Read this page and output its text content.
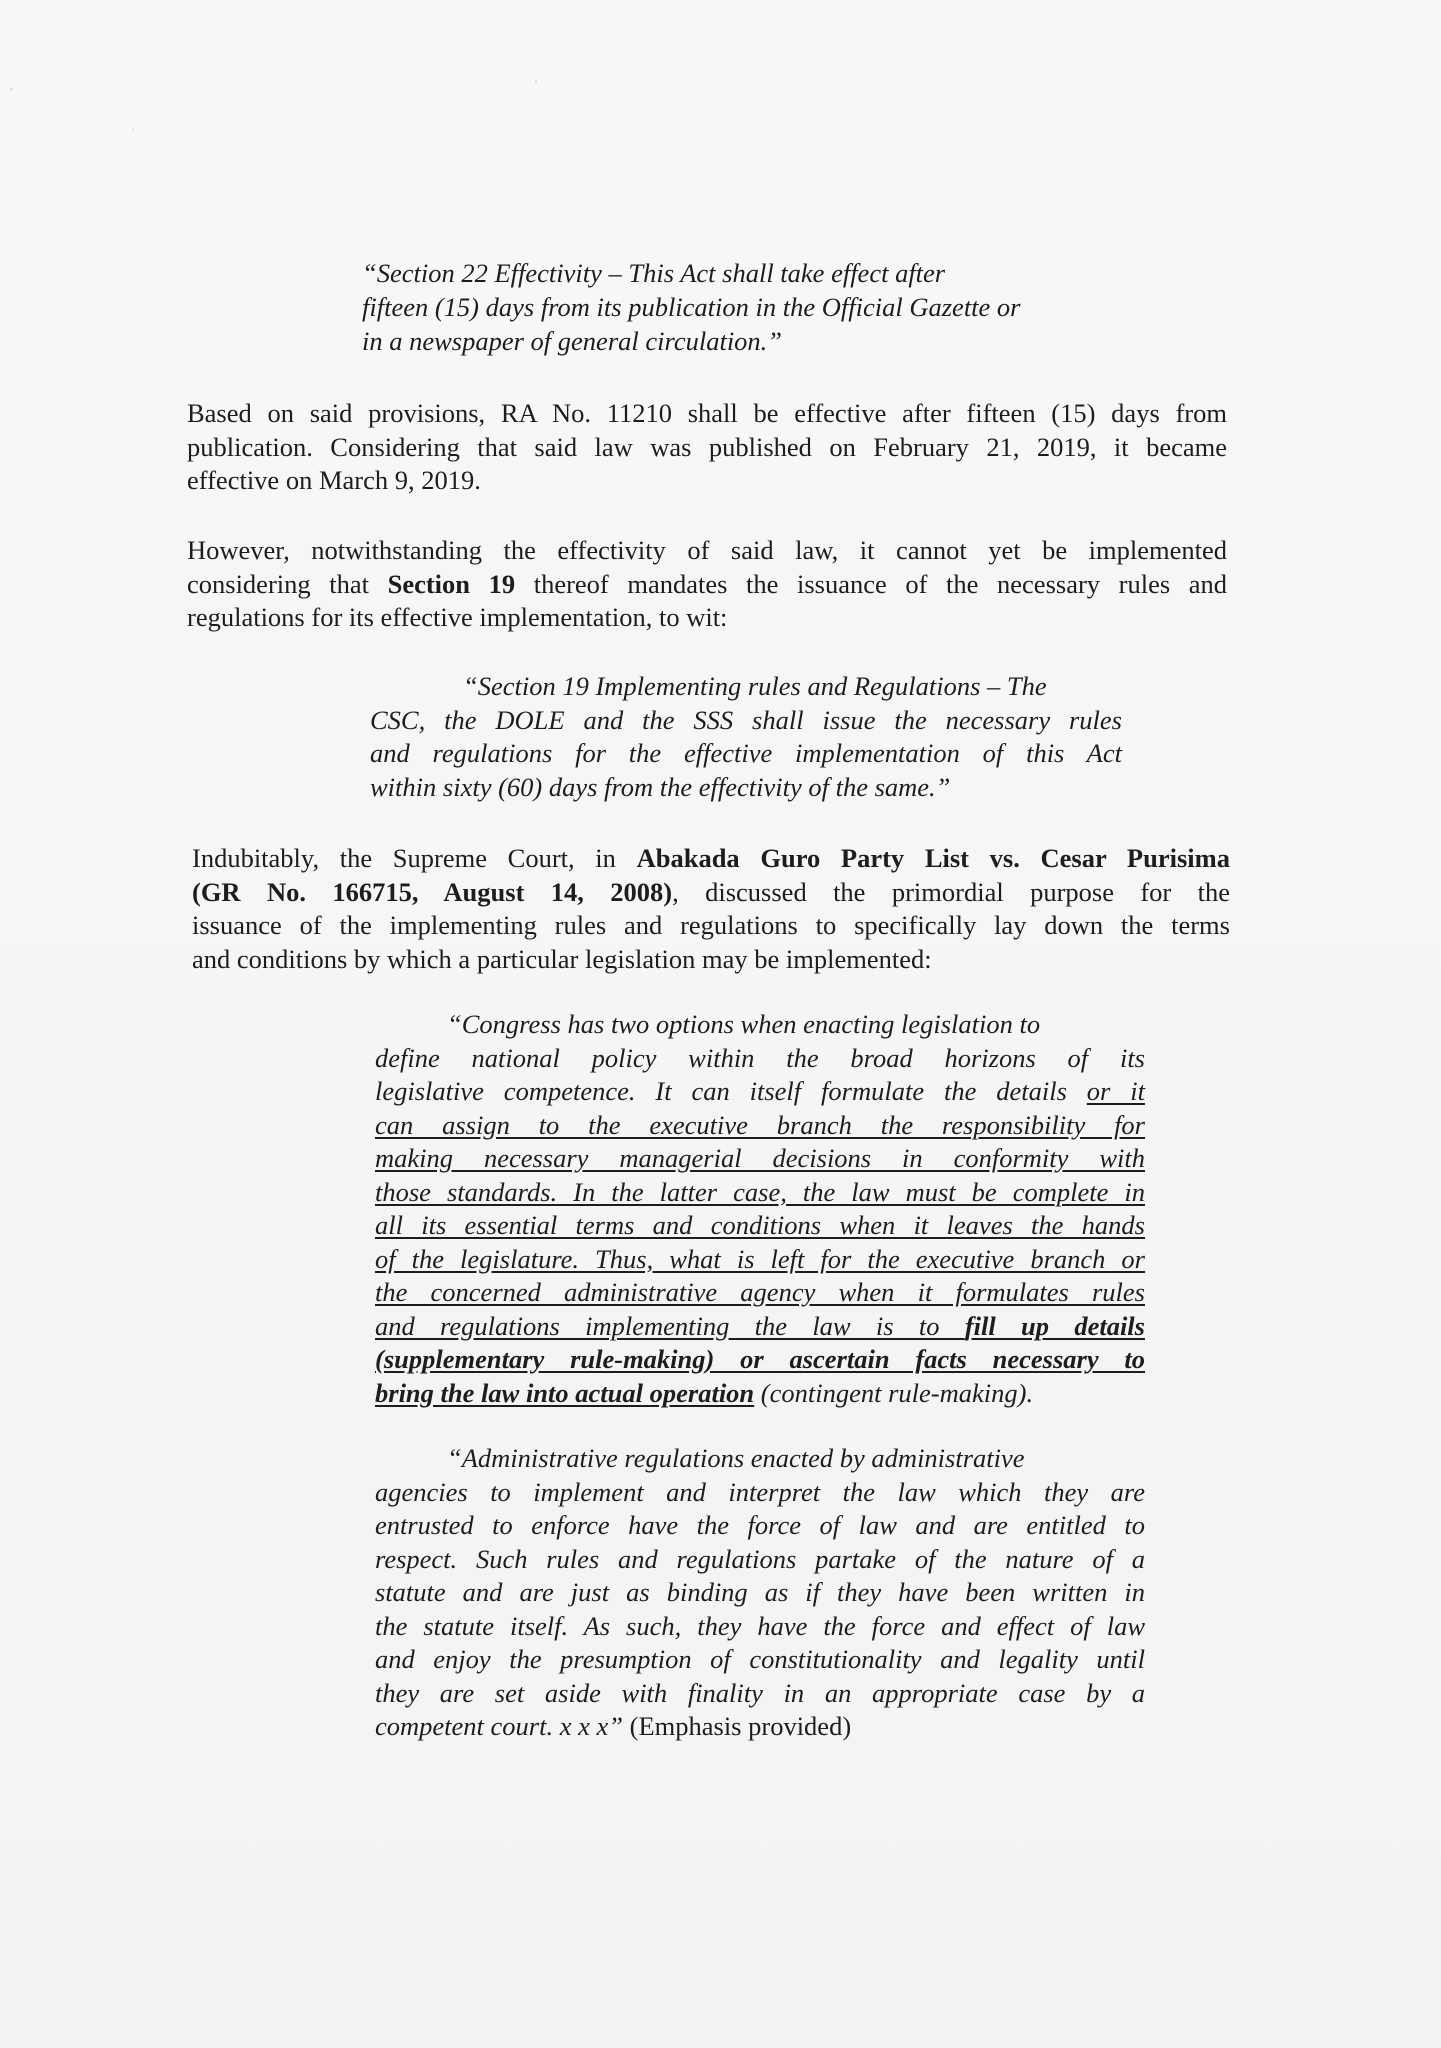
“Section 22 Effectivity – This Act shall take effect after
fifteen (15) days from its publication in the Official Gazette or
in a newspaper of general circulation.”
Based on said provisions, RA No. 11210 shall be effective after fifteen (15) days from
publication. Considering that said law was published on February 21, 2019, it became
effective on March 9, 2019.
However, notwithstanding the effectivity of said law, it cannot yet be implemented
considering that Section 19 thereof mandates the issuance of the necessary rules and
regulations for its effective implementation, to wit:
“Section 19 Implementing rules and Regulations – The
CSC, the DOLE and the SSS shall issue the necessary rules
and regulations for the effective implementation of this Act
within sixty (60) days from the effectivity of the same.”
Indubitably, the Supreme Court, in Abakada Guro Party List vs. Cesar Purisima
(GR No. 166715, August 14, 2008), discussed the primordial purpose for the
issuance of the implementing rules and regulations to specifically lay down the terms
and conditions by which a particular legislation may be implemented:
“Congress has two options when enacting legislation to
define national policy within the broad horizons of its
legislative competence. It can itself formulate the details or it
can assign to the executive branch the responsibility for
making necessary managerial decisions in conformity with
those standards. In the latter case, the law must be complete in
all its essential terms and conditions when it leaves the hands
of the legislature. Thus, what is left for the executive branch or
the concerned administrative agency when it formulates rules
and regulations implementing the law is to fill up details
(supplementary rule-making) or ascertain facts necessary to
bring the law into actual operation (contingent rule-making).
“Administrative regulations enacted by administrative
agencies to implement and interpret the law which they are
entrusted to enforce have the force of law and are entitled to
respect. Such rules and regulations partake of the nature of a
statute and are just as binding as if they have been written in
the statute itself. As such, they have the force and effect of law
and enjoy the presumption of constitutionality and legality until
they are set aside with finality in an appropriate case by a
competent court. x x x” (Emphasis provided)
